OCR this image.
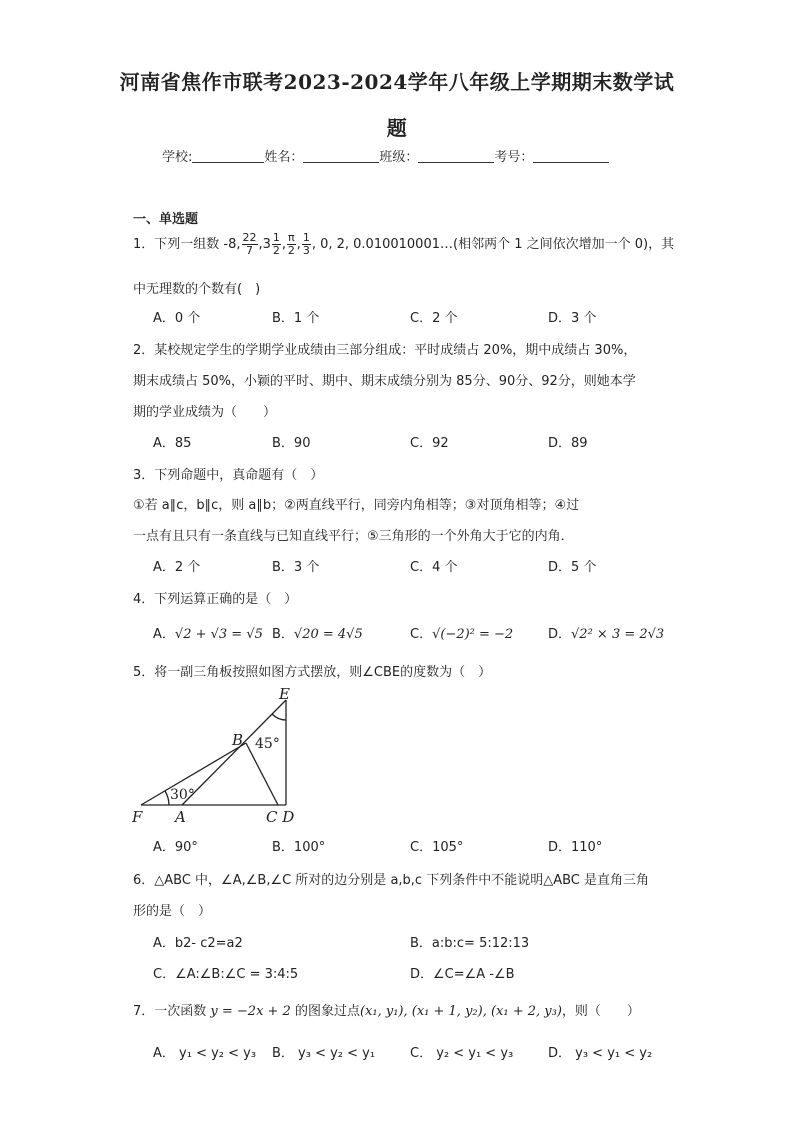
河南省焦作市联考2023-2024学年八年级上学期期末数学试
题
学校:	姓名：	班级：	考号：
一、单选题
1．下列一组数 -8, $\frac{22}{7} ,3 \frac{1}{2}$ , $\frac{\pi}{2}$ , $\frac{1}{3}$ , 0, 2, 0.010010001…(相邻两个 1 之间依次增加一个 0)，其
中无理数的个数有(　)
A．0 个	B．1 个	C．2 个	D．3 个
2．某校规定学生的学期学业成绩由三部分组成：平时成绩占 20%，期中成绩占 30%，
期末成绩占 50%，小颖的平时、期中、期末成绩分别为 85分、90分、92分，则她本学
期的学业成绩为（　　）
A．85	B．90	C．92	D．89
3．下列命题中，真命题有（　）
①若 a∥c，b∥c，则 a∥b；②两直线平行，同旁内角相等；③对顶角相等；④过
一点有且只有一条直线与已知直线平行；⑤三角形的一个外角大于它的内角．
A．2 个	B．3 个	C．4 个	D．5 个
4．下列运算正确的是（　）
A．√2 + √3 = √5 B．√20 = 4√5	C．√(−2)² = −2	D．√2² × 3 = 2√3
5．将一副三角板按照如图方式摆放，则∠CBE的度数为（　）
E
B
F A	C D
45°
30°
A．90°	B．100°	C．105°	D．110°
6．△ABC 中，∠A,∠B,∠C 所对的边分别是 a,b,c 下列条件中不能说明△ABC 是直角三角
形的是（　）
A．b2- c2=a2	B．a:b:c= 5:12:13
C．∠A:∠B:∠C = 3:4:5	D．∠C=∠A -∠B
7．一次函数 y = −2x + 2 的图象过点(x₁, y₁), (x₁ + 1, y₂), (x₁ + 2, y₃)，则（　　）
A． y₁ < y₂ < y₃ B． y₃ < y₂ < y₁	C． y₂ < y₁ < y₃	D． y₃ < y₁ < y₂
